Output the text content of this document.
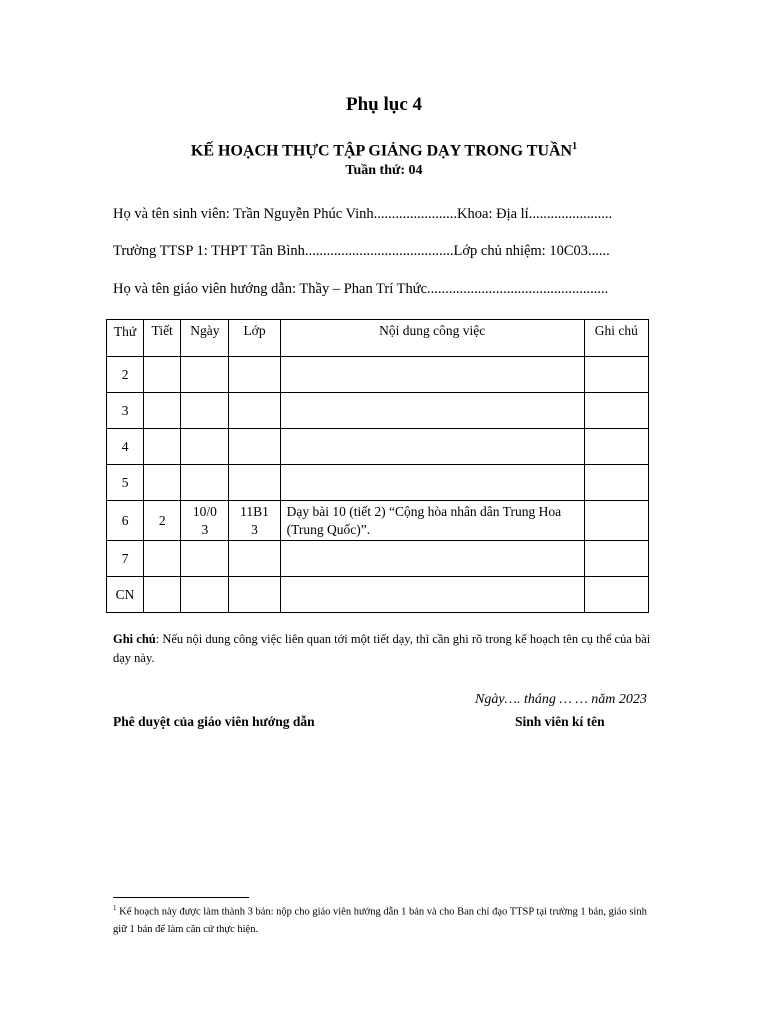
Phụ lục 4
KẾ HOẠCH THỰC TẬP GIẢNG DẠY TRONG TUẦN$^1$
Tuần thứ: 04
Họ và tên sinh viên: Trần Nguyễn Phúc Vinh.......................Khoa: Địa lí.......................
Trường TTSP 1: THPT Tân Bình.........................................Lớp chủ nhiệm: 10C03......
Họ và tên giáo viên hướng dẫn: Thầy – Phan Trí Thức..................................................
Thứ	Tiết	Ngày	Lớp	Nội dung công việc	Ghi chú
2					
3					
4					
5					
6	2	10/03	11B13	Dạy bài 10 (tiết 2) “Cộng hòa nhân dân Trung Hoa (Trung Quốc)”.	
7					
CN					
Ghi chú: Nếu nội dung công việc liên quan tới một tiết dạy, thì cần ghi rõ trong kế hoạch tên cụ thể của bài dạy này.
Ngày…. tháng … … năm 2023
Phê duyệt của giáo viên hướng dẫn	Sinh viên kí tên
$^1$ Kế hoạch này được làm thành 3 bản: nộp cho giáo viên hướng dẫn 1 bản và cho Ban chỉ đạo TTSP tại trường 1 bản, giáo sinh giữ 1 bản để làm căn cứ thực hiện.
